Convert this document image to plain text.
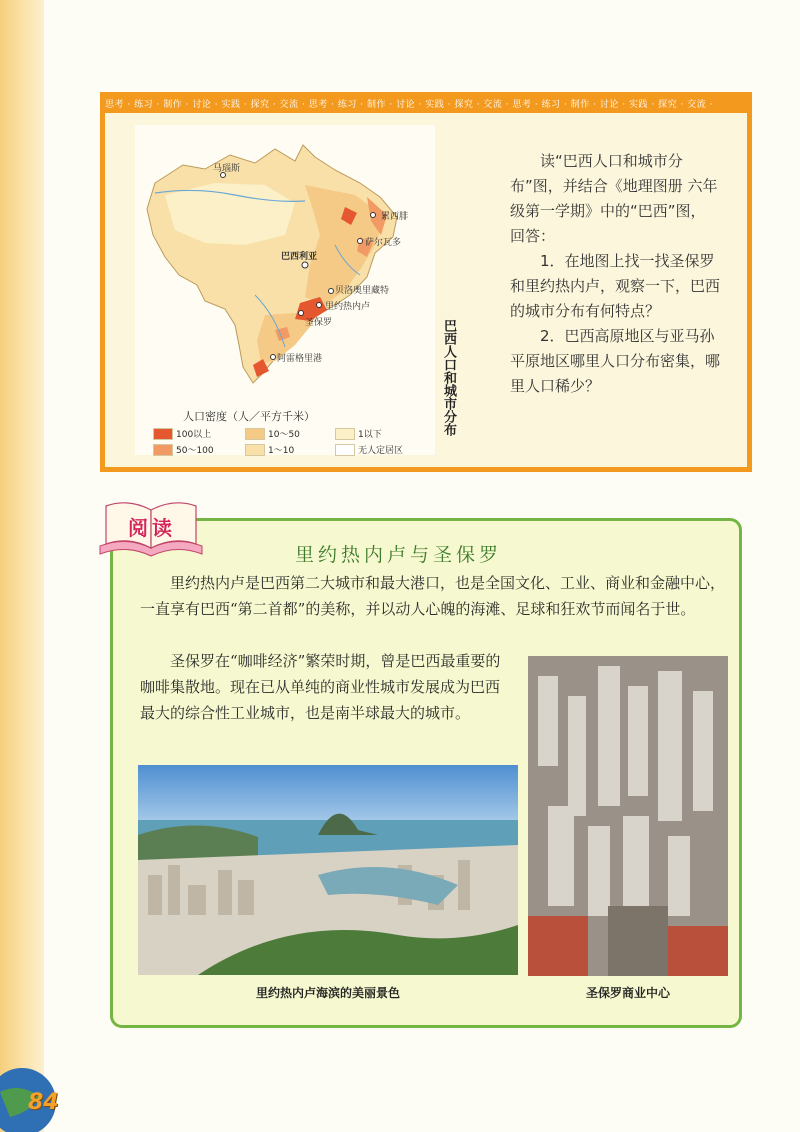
思考 · 练习 · 制作 · 讨论 · 实践 · 探究 · 交流 · 思考 · 练习 · 制作 · 讨论 · 实践 · 探究 · 交流 · 思考 · 练习 · 制作 · 讨论 · 实践 · 探究 · 交流 ·
马瑙斯
累西腓
萨尔瓦多
巴西利亚
贝洛奥里藏特
里约热内卢
圣保罗
阿雷格里港
人口密度（人／平方千米）
100以上
50～100
10～50
1～10
1以下
无人定居区
巴西人口和城市分布

读“巴西人口和城市分布”图，并结合《地理图册 六年级第一学期》中的“巴西”图，回答：

1．在地图上找一找圣保罗和里约热内卢，观察一下，巴西的城市分布有何特点？

2．巴西高原地区与亚马孙平原地区哪里人口分布密集，哪里人口稀少？

阅读
里约热内卢与圣保罗

里约热内卢是巴西第二大城市和最大港口，也是全国文化、工业、商业和金融中心，一直享有巴西“第二首都”的美称，并以动人心魄的海滩、足球和狂欢节而闻名于世。

圣保罗在“咖啡经济”繁荣时期，曾是巴西最重要的咖啡集散地。现在已从单纯的商业性城市发展成为巴西最大的综合性工业城市，也是南半球最大的城市。

里约热内卢海滨的美丽景色	圣保罗商业中心
84
